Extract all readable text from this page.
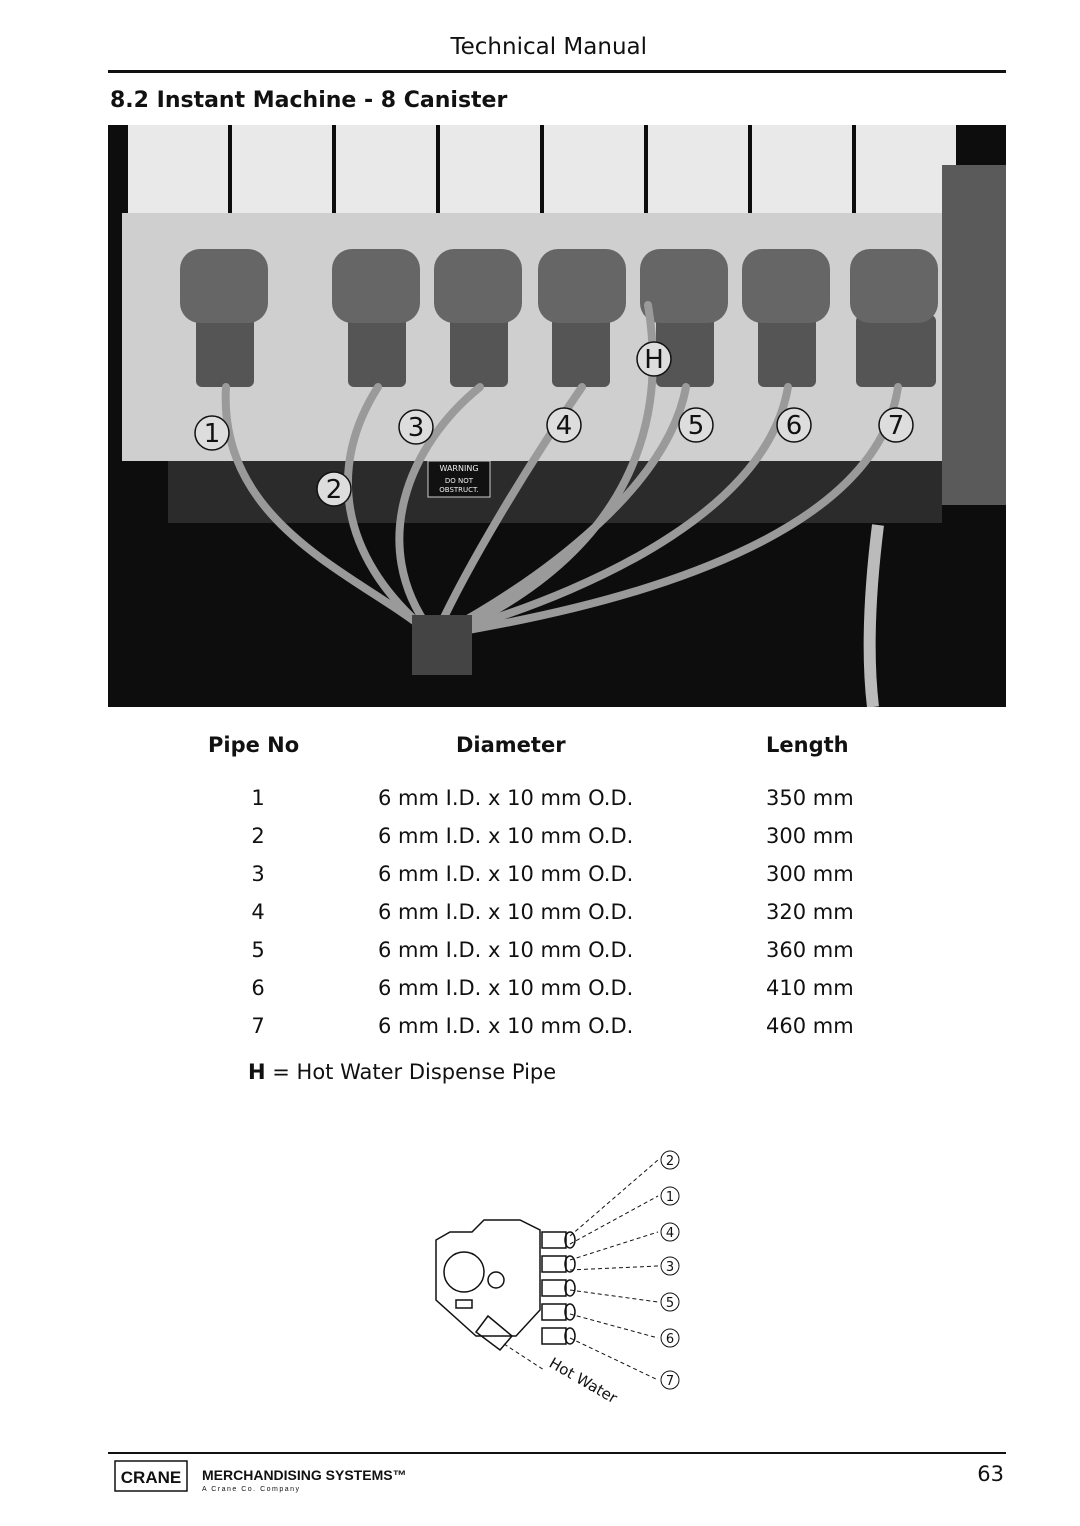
Technical Manual
8.2 Instant Machine - 8 Canister
WARNING
DO NOT
OBSTRUCT.
1
2
3	4	5	6	7
H
Pipe No	Diameter	Length
1	6 mm I.D. x 10 mm O.D.	350 mm
2	6 mm I.D. x 10 mm O.D.	300 mm
3	6 mm I.D. x 10 mm O.D.	300 mm
4	6 mm I.D. x 10 mm O.D.	320 mm
5	6 mm I.D. x 10 mm O.D.	360 mm
6	6 mm I.D. x 10 mm O.D.	410 mm
7	6 mm I.D. x 10 mm O.D.	460 mm
H = Hot Water Dispense Pipe
2
1
4
3
5
6
7
Hot Water
CRANE MERCHANDISING SYSTEMS™
A Crane Co. Company
63
